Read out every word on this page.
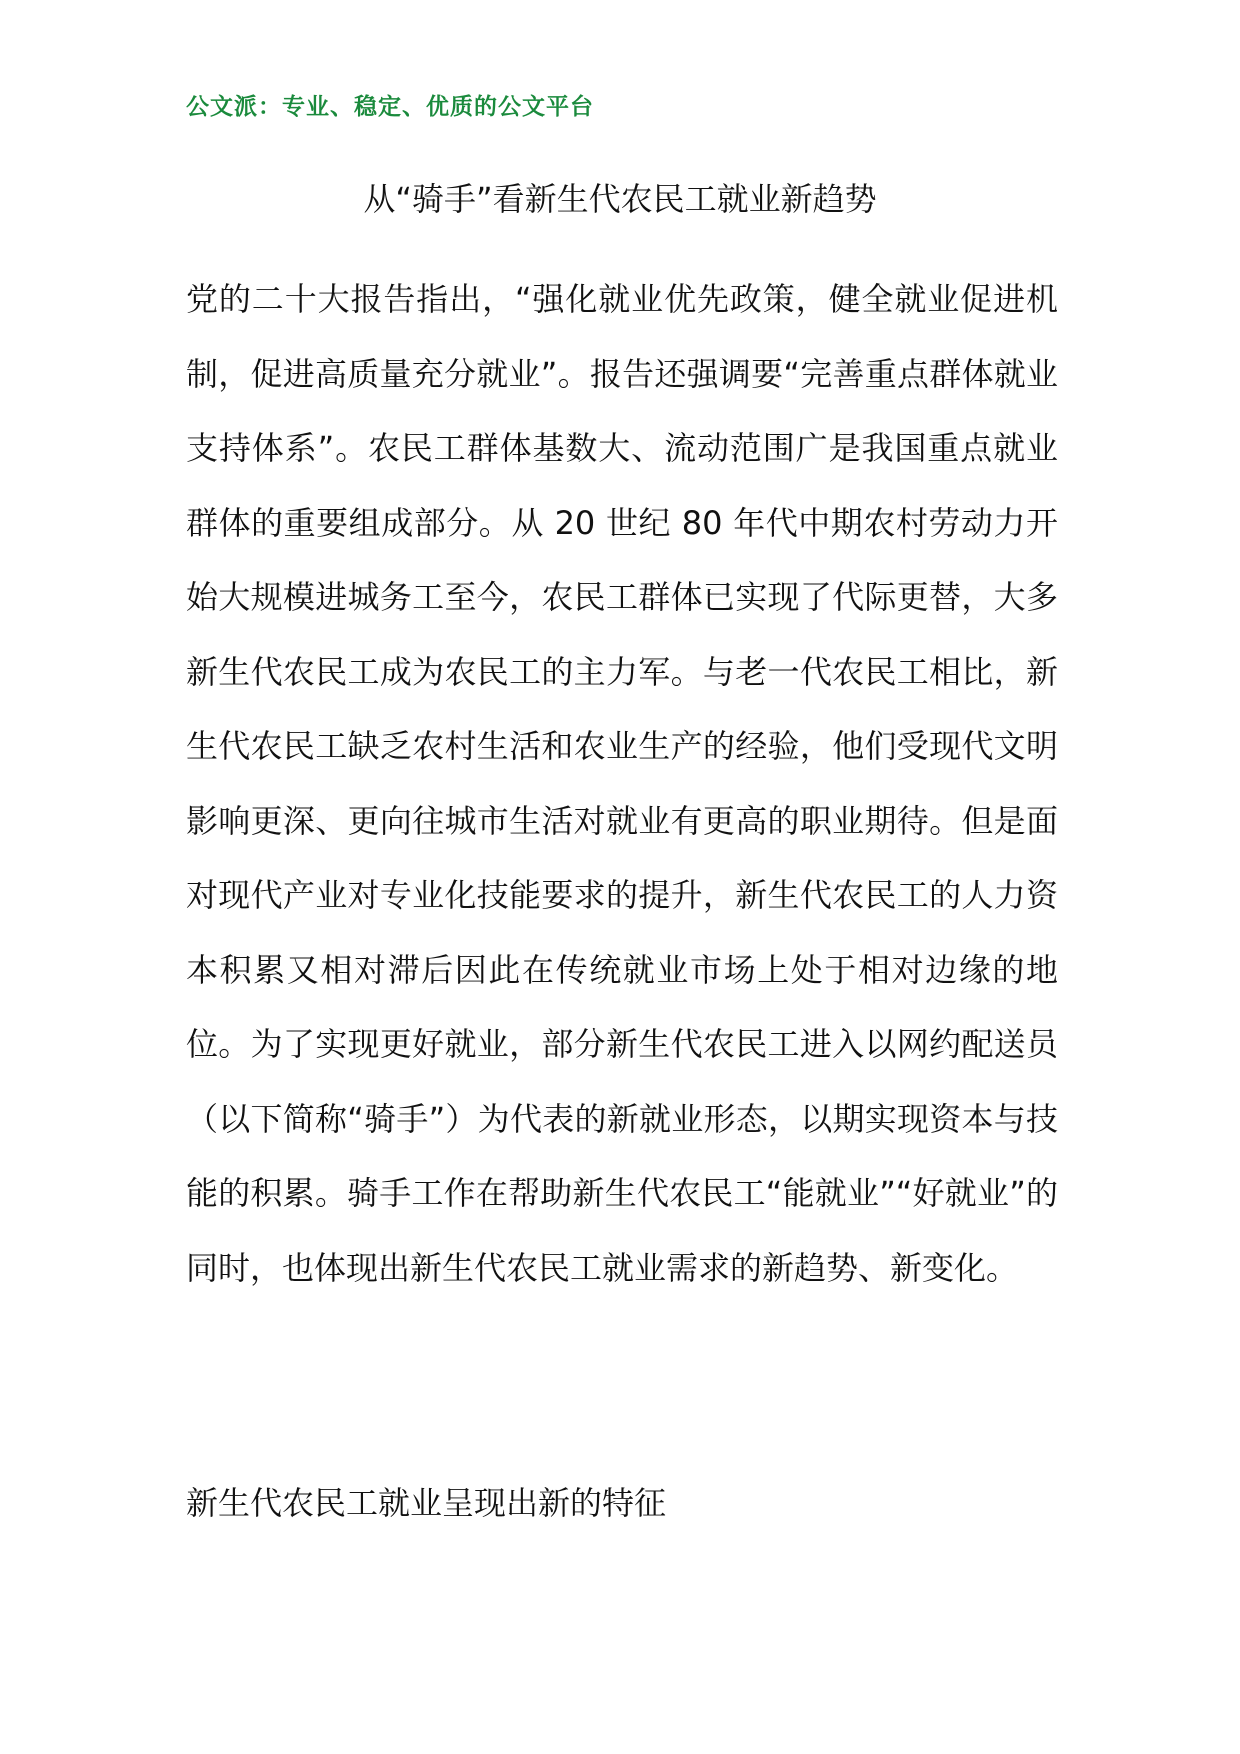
公文派：专业、稳定、优质的公文平台
从“骑手”看新生代农民工就业新趋势
党的二十大报告指出，“强化就业优先政策，健全就业促进机制，促进高质量充分就业”。报告还强调要“完善重点群体就业支持体系”。农民工群体基数大、流动范围广是我国重点就业群体的重要组成部分。从 20 世纪 80 年代中期农村劳动力开始大规模进城务工至今，农民工群体已实现了代际更替，大多新生代农民工成为农民工的主力军。与老一代农民工相比，新生代农民工缺乏农村生活和农业生产的经验，他们受现代文明影响更深、更向往城市生活对就业有更高的职业期待。但是面对现代产业对专业化技能要求的提升，新生代农民工的人力资本积累又相对滞后因此在传统就业市场上处于相对边缘的地位。为了实现更好就业，部分新生代农民工进入以网约配送员（以下简称“骑手”）为代表的新就业形态，以期实现资本与技能的积累。骑手工作在帮助新生代农民工“能就业”“好就业”的同时，也体现出新生代农民工就业需求的新趋势、新变化。
新生代农民工就业呈现出新的特征
